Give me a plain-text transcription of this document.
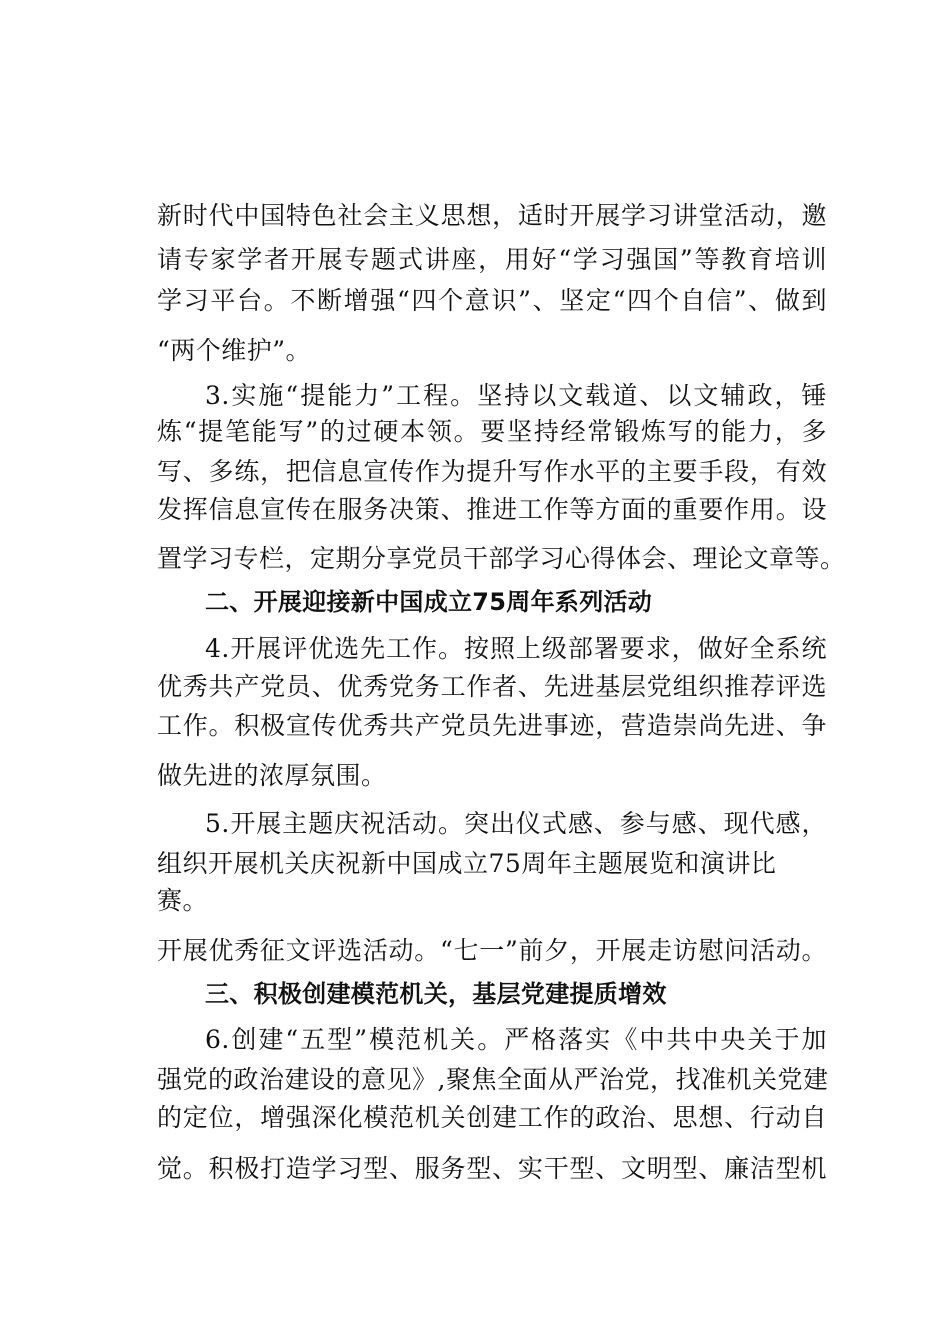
新时代中国特色社会主义思想，适时开展学习讲堂活动，邀
请专家学者开展专题式讲座，用好“学习强国”等教育培训
学习平台。不断增强“四个意识”、坚定“四个自信”、做到
“两个维护”。
3.实施“提能力”工程。坚持以文载道、以文辅政，锤
炼“提笔能写”的过硬本领。要坚持经常锻炼写的能力，多
写、多练，把信息宣传作为提升写作水平的主要手段，有效
发挥信息宣传在服务决策、推进工作等方面的重要作用。设
置学习专栏，定期分享党员干部学习心得体会、理论文章等。
二、开展迎接新中国成立75周年系列活动
4.开展评优选先工作。按照上级部署要求，做好全系统
优秀共产党员、优秀党务工作者、先进基层党组织推荐评选
工作。积极宣传优秀共产党员先进事迹，营造崇尚先进、争
做先进的浓厚氛围。
5.开展主题庆祝活动。突出仪式感、参与感、现代感，
组织开展机关庆祝新中国成立75周年主题展览和演讲比
赛。
开展优秀征文评选活动。“七一”前夕，开展走访慰问活动。
三、积极创建模范机关，基层党建提质增效
6.创建“五型”模范机关。严格落实《中共中央关于加
强党的政治建设的意见》,聚焦全面从严治党，找准机关党建
的定位，增强深化模范机关创建工作的政治、思想、行动自
觉。积极打造学习型、服务型、实干型、文明型、廉洁型机
